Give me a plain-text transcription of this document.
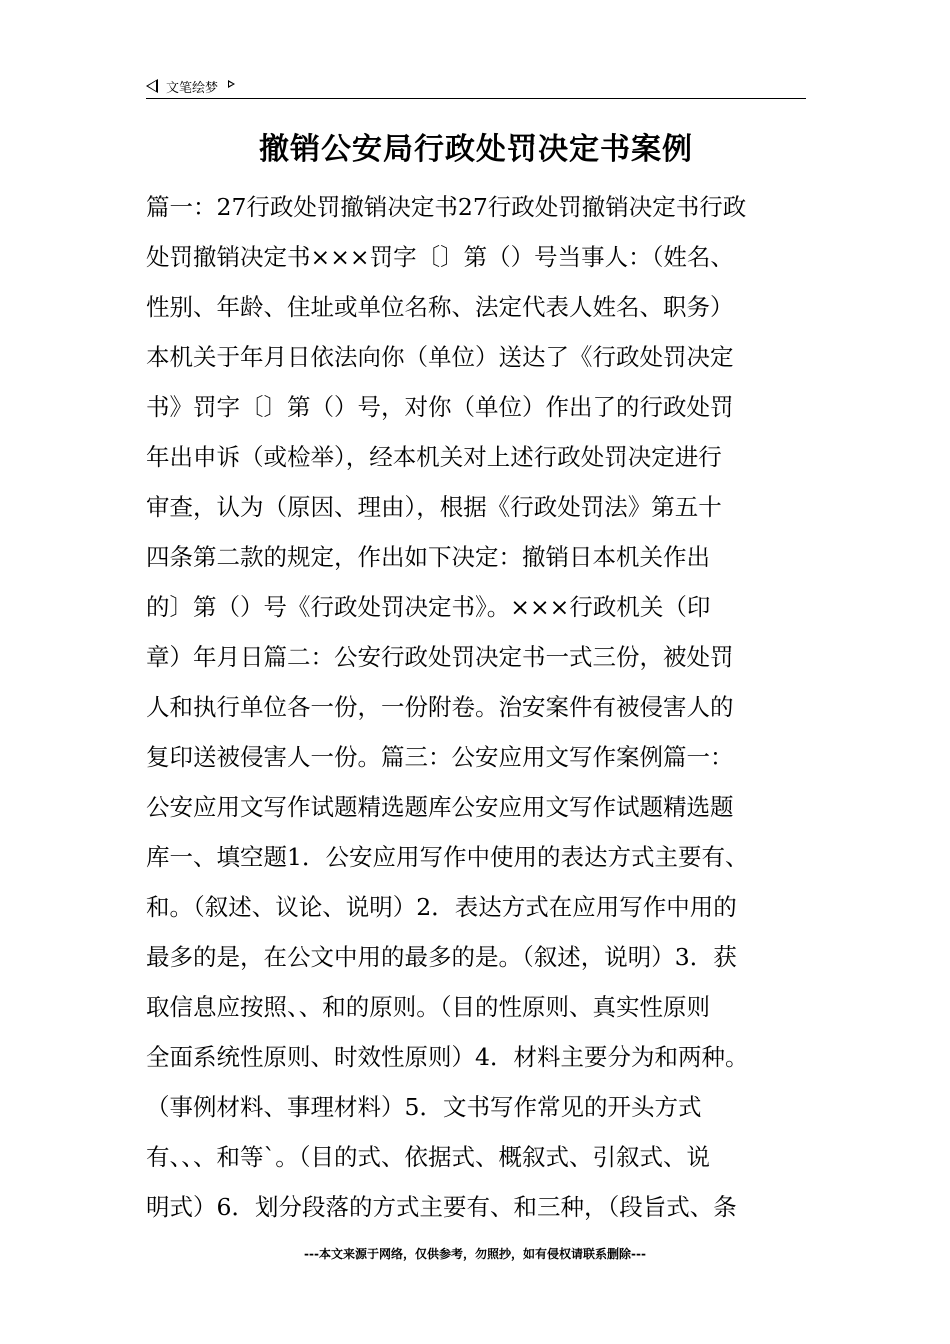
文笔绘梦
撤销公安局行政处罚决定书案例
篇一：27行政处罚撤销决定书27行政处罚撤销决定书行政
处罚撤销决定书×××罚字〔〕第（）号当事人：（姓名、
性别、年龄、住址或单位名称、法定代表人姓名、职务）
本机关于年月日依法向你（单位）送达了《行政处罚决定
书》罚字〔〕第（）号，对你（单位）作出了的行政处罚
年出申诉（或检举），经本机关对上述行政处罚决定进行
审查，认为（原因、理由），根据《行政处罚法》第五十
四条第二款的规定，作出如下决定：撤销日本机关作出
的〕第（）号《行政处罚决定书》。×××行政机关（印
章）年月日篇二：公安行政处罚决定书一式三份，被处罚
人和执行单位各一份，一份附卷。治安案件有被侵害人的
复印送被侵害人一份。篇三：公安应用文写作案例篇一：
公安应用文写作试题精选题库公安应用文写作试题精选题
库一、填空题1．公安应用写作中使用的表达方式主要有、
和。（叙述、议论、说明）2．表达方式在应用写作中用的
最多的是，在公文中用的最多的是。（叙述，说明）3．获
取信息应按照、、和的原则。（目的性原则、真实性原则
全面系统性原则、时效性原则）4．材料主要分为和两种。
（事例材料、事理材料）5．文书写作常见的开头方式
有、、、和等`。（目的式、依据式、概叙式、引叙式、说
明式）6．划分段落的方式主要有、和三种，（段旨式、条
---本文来源于网络，仅供参考，勿照抄，如有侵权请联系删除---
